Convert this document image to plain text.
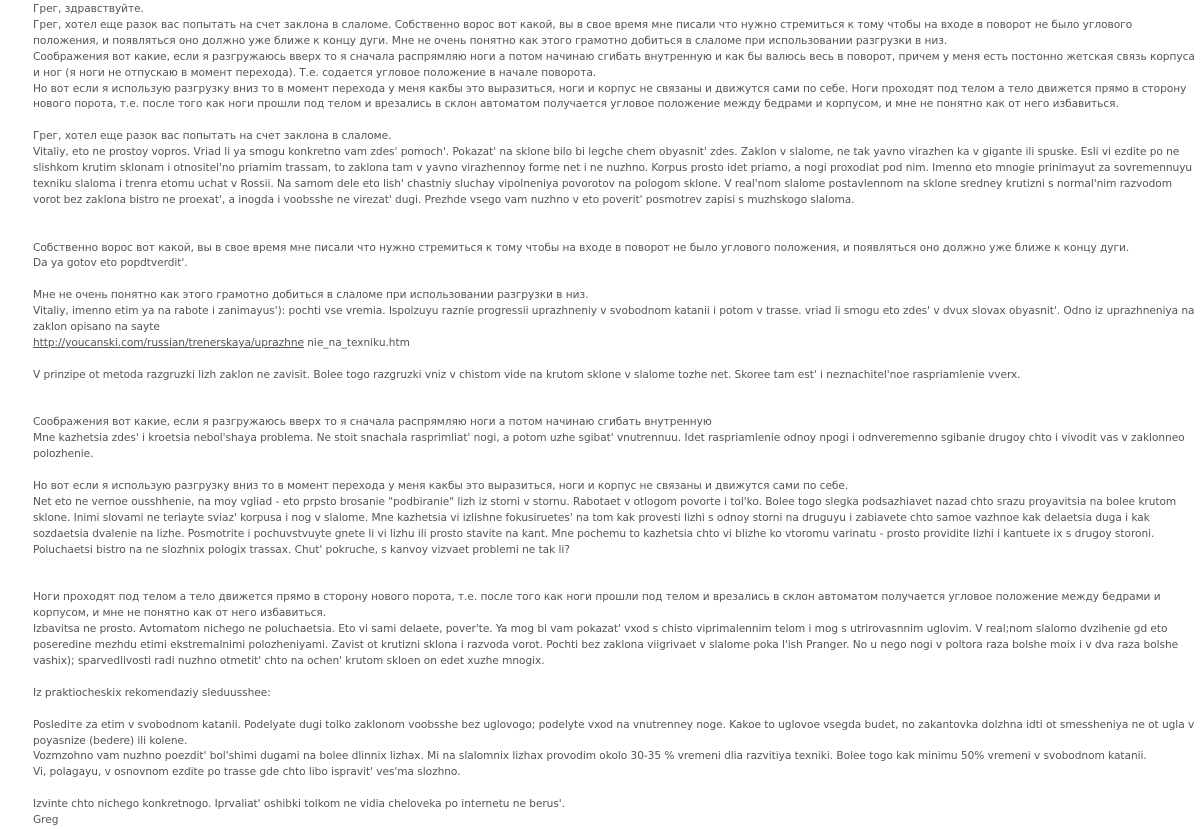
Грег, здравствуйте.

Грег, хотел еще разок вас попытать на счет заклона в слаломе. Собственно ворос вот какой, вы в свое время мне писали что нужно стремиться к тому чтобы на входе в поворот не было углового положения, и появляться оно должно уже ближе к концу дуги. Мне не очень понятно как этого грамотно добиться в слаломе при использовании разгрузки в низ.

Соображения вот какие, если я разгружаюсь вверх то я сначала распрямляю ноги а потом начинаю сгибать внутренную и как бы валюсь весь в поворот, причем у меня есть постонно жетская связь корпуса и ног (я ноги не отпускаю в момент перехода). Т.е. содается угловое положение в начале поворота.

Но вот если я использую разгрузку вниз то в момент перехода у меня какбы это выразиться, ноги и корпус не связаны и движутся сами по себе. Ноги проходят под телом а тело движется прямо в сторону нового порота, т.е. после того как ноги прошли под телом и врезались в склон автоматом получается угловое положение между бедрами и корпусом, и мне не понятно как от него избавиться.

Грег, хотел еще разок вас попытать на счет заклона в слаломе.

Vitaliy, eto ne prostoy vopros. Vriad li ya smogu konkretno vam zdes' pomoch'. Pokazat' na sklone bilo bi legche chem obyasnit' zdes. Zaklon v slalome, ne tak yavno virazhen ka v gigante ili spuske. Esli vi ezdite po ne slishkom krutim sklonam i otnositel'no priamim trassam, to zaklona tam v yavno virazhennoy forme net i ne nuzhno. Korpus prosto idet priamo, a nogi proxodiat pod nim. Imenno eto mnogie prinimayut za sovremennuyu texniku slaloma i trenra etomu uchat v Rossii. Na samom dele eto lish' chastniy sluchay vipolneniya povorotov na pologom sklone. V real'nom slalome postavlennom na sklone sredney krutizni s normal'nim razvodom vorot bez zaklona bistro ne proexat', a inogda i voobsshe ne virezat' dugi. Prezhde vsego vam nuzhno v eto poverit' posmotrev zapisi s muzhskogo slaloma.

Собственно ворос вот какой, вы в свое время мне писали что нужно стремиться к тому чтобы на входе в поворот не было углового положения, и появляться оно должно уже ближе к концу дуги.

Da ya gotov eto popdtverdit'.

Мне не очень понятно как этого грамотно добиться в слаломе при использовании разгрузки в низ.

Vitaliy, imenno etim ya na rabote i zanimayus'): pochti vse vremia. Ispolzuyu raznie progressii uprazhneniy v svobodnom katanii i potom v trasse. vriad li smogu eto zdes' v dvux slovax obyasnit'. Odno iz uprazhneniya na zaklon opisano na sayte
http://youcanski.com/russian/trenerskaya/uprazhne nie_na_texniku.htm

V prinzipe ot metoda razgruzki lizh zaklon ne zavisit. Bolee togo razgruzki vniz v chistom vide na krutom sklone v slalome tozhe net. Skoree tam est' i neznachitel'noe raspriamlenie vverx.

Соображения вот какие, если я разгружаюсь вверх то я сначала распрямляю ноги а потом начинаю сгибать внутренную

Mne kazhetsia zdes' i kroetsia nebol'shaya problema. Ne stoit snachala rasprimliat' nogi, a potom uzhe sgibat' vnutrennuu. Idet raspriamlenie odnoy npogi i odnveremenno sgibanie drugoy chto i vivodit vas v zaklonneo polozhenie.

Но вот если я использую разгрузку вниз то в момент перехода у меня какбы это выразиться, ноги и корпус не связаны и движутся сами по себе.

Net eto ne vernoe ousshhenie, na moy vgliad - eto prpsto brosanie "podbiranie" lizh iz storni v stornu. Rabotaet v otlogom povorte i tol'ko. Bolee togo slegka podsazhiavet nazad chto srazu proyavitsia na bolee krutom sklone. Inimi slovami ne teriayte sviaz' korpusa i nog v slalome. Mne kazhetsia vi izlishne fokusiruetes' na tom kak provesti lizhi s odnoy storni na druguyu i zabiavete chto samoe vazhnoe kak delaetsia duga i kak sozdaetsia dvalenie na lizhe. Posmotrite i pochuvstvuyte gnete li vi lizhu ili prosto stavite na kant. Mne pochemu to kazhetsia chto vi blizhe ko vtoromu varinatu - prosto providite lizhi i kantuete ix s drugoy storoni. Poluchaetsi bistro na ne slozhnix pologix trassax. Chut' pokruche, s kanvoy vizvaet problemi ne tak li?

Ноги проходят под телом а тело движется прямо в сторону нового порота, т.е. после того как ноги прошли под телом и врезались в склон автоматом получается угловое положение между бедрами и корпусом, и мне не понятно как от него избавиться.

Izbavitsa ne prosto. Avtomatom nichego ne poluchaetsia. Eto vi sami delaete, pover'te. Ya mog bi vam pokazat' vxod s chisto viprimalennim telom i mog s utrirovasnnim uglovim. V real;nom slalomo dvzihenie gd eto poseredine mezhdu etimi ekstremalnimi polozheniyami. Zavist ot krutizni sklona i razvoda vorot. Pochti bez zaklona viigrivaet v slalome poka l'ish Pranger. No u nego nogi v poltora raza bolshe moix i v dva raza bolshe vashix); sparvedlivosti radi nuzhno otmetit' chto na ochen' krutom skloen on edet xuzhe mnogix.

Iz praktiocheskix rekomendaziy sleduusshee:

Poslediте za etim v svobodnom katanii. Podelyate dugi tolko zaklonom voobsshe bez uglovogo; podelyte vxod na vnutrenney noge. Kakoe to uglovoe vsegda budet, no zakantovka dolzhna idti ot smessheniya ne ot ugla v poyasnize (bedere) ili kolene.

Vozmzohno vam nuzhno poezdit' bol'shimi dugami na bolee dlinnix lizhax. Mi na slalomnix lizhax provodim okolo 30-35 % vremeni dlia razvitiya texniki. Bolee togo kak minimu 50% vremeni v svobodnom katanii.

Vi, polagayu, v osnovnom ezdite po trasse gde chto libo ispravit' ves'ma slozhno.

Izvinte chto nichego konkretnogo. Iprvaliat' oshibki tolkom ne vidia cheloveka po internetu ne berus'.

Greg
